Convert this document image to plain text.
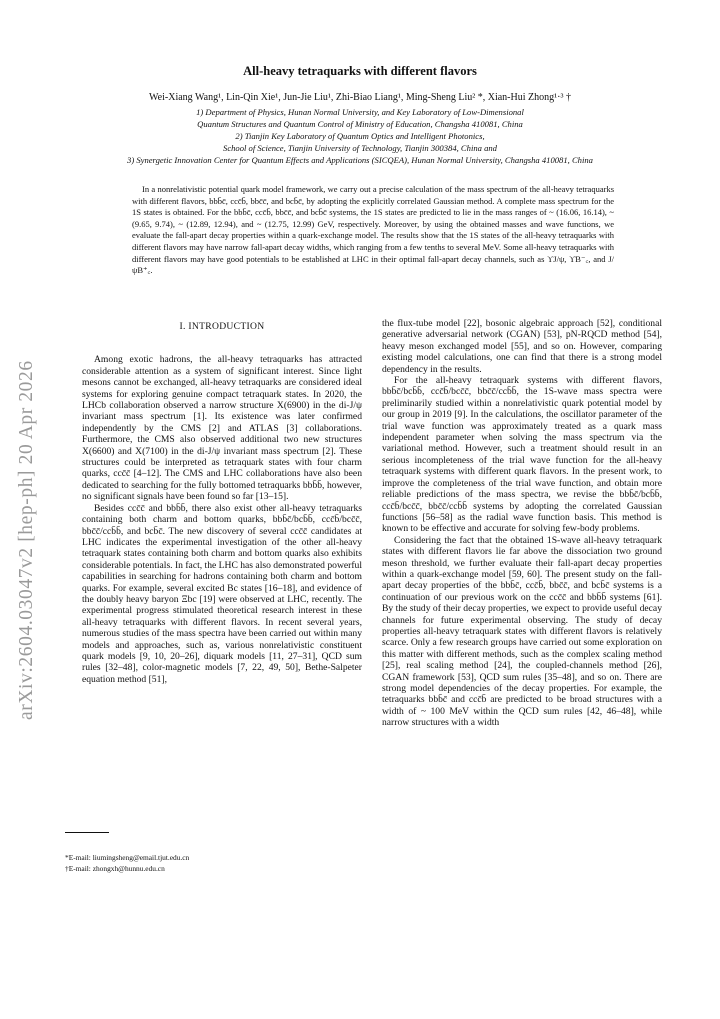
arXiv:2604.03047v2 [hep-ph] 20 Apr 2026
All-heavy tetraquarks with different flavors
Wei-Xiang Wang¹, Lin-Qin Xie¹, Jun-Jie Liu¹, Zhi-Biao Liang¹, Ming-Sheng Liu² *, Xian-Hui Zhong¹·³ †
1) Department of Physics, Hunan Normal University, and Key Laboratory of Low-Dimensional
Quantum Structures and Quantum Control of Ministry of Education, Changsha 410081, China
2) Tianjin Key Laboratory of Quantum Optics and Intelligent Photonics,
School of Science, Tianjin University of Technology, Tianjin 300384, China and
3) Synergetic Innovation Center for Quantum Effects and Applications (SICQEA), Hunan Normal University, Changsha 410081, China

In a nonrelativistic potential quark model framework, we carry out a precise calculation of the mass spectrum of the all-heavy tetraquarks with different flavors, bbb̄c̄, ccc̄b̄, bbc̄c̄, and bcb̄c̄, by adopting the explicitly correlated Gaussian method. A complete mass spectrum for the 1S states is obtained. For the bbb̄c̄, ccc̄b̄, bbc̄c̄, and bcb̄c̄ systems, the 1S states are predicted to lie in the mass ranges of ~ (16.06, 16.14), ~ (9.65, 9.74), ~ (12.89, 12.94), and ~ (12.75, 12.99) GeV, respectively. Moreover, by using the obtained masses and wave functions, we evaluate the fall-apart decay properties within a quark-exchange model. The results show that the 1S states of the all-heavy tetraquarks with different flavors may have narrow fall-apart decay widths, which ranging from a few tenths to several MeV. Some all-heavy tetraquarks with different flavors may have good potentials to be established at LHC in their optimal fall-apart decay channels, such as ϒJ/ψ, ϒB⁻꜀, and J/ψB⁺꜀.

I. INTRODUCTION

Among exotic hadrons, the all-heavy tetraquarks has attracted considerable attention as a system of significant interest. Since light mesons cannot be exchanged, all-heavy tetraquarks are considered ideal systems for exploring genuine compact tetraquark states. In 2020, the LHCb collaboration observed a narrow structure X(6900) in the di-J/ψ invariant mass spectrum [1]. Its existence was later confirmed independently by the CMS [2] and ATLAS [3] collaborations. Furthermore, the CMS also observed additional two new structures X(6600) and X(7100) in the di-J/ψ invariant mass spectrum [2]. These structures could be interpreted as tetraquark states with four charm quarks, ccc̄c̄ [4–12]. The CMS and LHC collaborations have also been dedicated to searching for the fully bottomed tetraquarks bbb̄b̄, however, no significant signals have been found so far [13–15].

Besides ccc̄c̄ and bbb̄b̄, there also exist other all-heavy tetraquarks containing both charm and bottom quarks, bbb̄c̄/bcb̄b̄, ccc̄b̄/bcc̄c̄, bbc̄c̄/ccb̄b̄, and bcb̄c̄. The new discovery of several ccc̄c̄ candidates at LHC indicates the experimental investigation of the other all-heavy tetraquark states containing both charm and bottom quarks also exhibits considerable potentials. In fact, the LHC has also demonstrated powerful capabilities in searching for hadrons containing both charm and bottom quarks. For example, several excited Bc states [16–18], and evidence of the doubly heavy baryon Ξbc [19] were observed at LHC, recently. The experimental progress stimulated theoretical research interest in these all-heavy tetraquarks with different flavors. In recent several years, numerous studies of the mass spectra have been carried out within many models and approaches, such as, various nonrelativistic constituent quark models [9, 10, 20–26], diquark models [11, 27–31], QCD sum rules [32–48], color-magnetic models [7, 22, 49, 50], Bethe-Salpeter equation method [51],

the flux-tube model [22], bosonic algebraic approach [52], conditional generative adversarial network (CGAN) [53], pN-RQCD method [54], heavy meson exchanged model [55], and so on. However, comparing existing model calculations, one can find that there is a strong model dependency in the results.

For the all-heavy tetraquark systems with different flavors, bbb̄c̄/bcb̄b̄, ccc̄b̄/bcc̄c̄, bbc̄c̄/ccb̄b̄, the 1S-wave mass spectra were preliminarily studied within a nonrelativistic quark potential model by our group in 2019 [9]. In the calculations, the oscillator parameter of the trial wave function was approximately treated as a quark mass independent parameter when solving the mass spectrum via the variational method. However, such a treatment should result in an serious incompleteness of the trial wave function for the all-heavy tetraquark systems with different quark flavors. In the present work, to improve the completeness of the trial wave function, and obtain more reliable predictions of the mass spectra, we revise the bbb̄c̄/bcb̄b̄, ccc̄b̄/bcc̄c̄, bbc̄c̄/ccb̄b̄ systems by adopting the correlated Gaussian functions [56–58] as the radial wave function basis. This method is known to be effective and accurate for solving few-body problems.

Considering the fact that the obtained 1S-wave all-heavy tetraquark states with different flavors lie far above the dissociation two ground meson threshold, we further evaluate their fall-apart decay properties within a quark-exchange model [59, 60]. The present study on the fall-apart decay properties of the bbb̄c̄, ccc̄b̄, bbc̄c̄, and bcb̄c̄ systems is a continuation of our previous work on the ccc̄c̄ and bbb̄b̄ systems [61]. By the study of their decay properties, we expect to provide useful decay channels for future experimental observing. The study of decay properties all-heavy tetraquark states with different flavors is relatively scarce. Only a few research groups have carried out some exploration on this matter with different methods, such as the complex scaling method [25], real scaling method [24], the coupled-channels method [26], CGAN framework [53], QCD sum rules [35–48], and so on. There are strong model dependencies of the decay properties. For example, the tetraquarks bbb̄c̄ and ccc̄b̄ are predicted to be broad structures with a width of ~ 100 MeV within the QCD sum rules [42, 46–48], while narrow structures with a width

*E-mail: liumingsheng@email.tjut.edu.cn
†E-mail: zhongxh@hunnu.edu.cn
